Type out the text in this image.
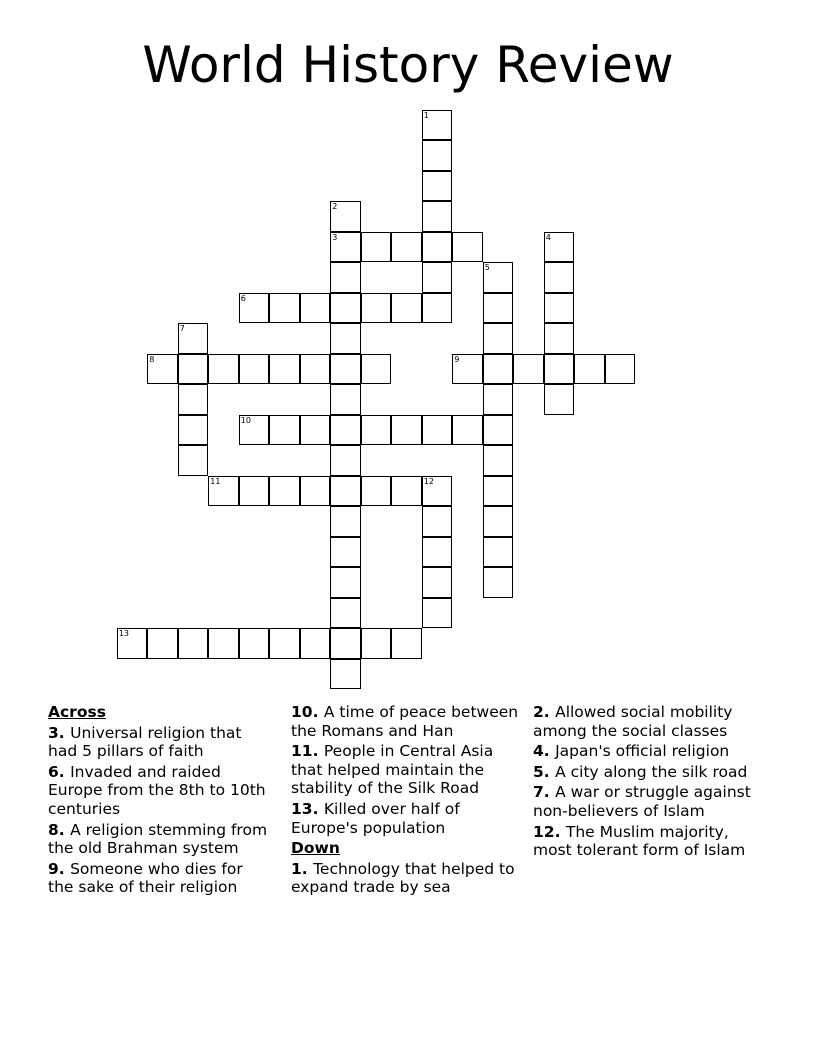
World History Review
1
2
3	4
5
6
7
8	9
10
11	12
13
Across

3. Universal religion that had 5 pillars of faith

6. Invaded and raided Europe from the 8th to 10th centuries

8. A religion stemming from the old Brahman system

9. Someone who dies for the sake of their religion

10. A time of peace between the Romans and Han

11. People in Central Asia that helped maintain the stability of the Silk Road

13. Killed over half of Europe's population

Down

1. Technology that helped to expand trade by sea

2. Allowed social mobility among the social classes

4. Japan's official religion

5. A city along the silk road

7. A war or struggle against non-believers of Islam

12. The Muslim majority, most tolerant form of Islam
